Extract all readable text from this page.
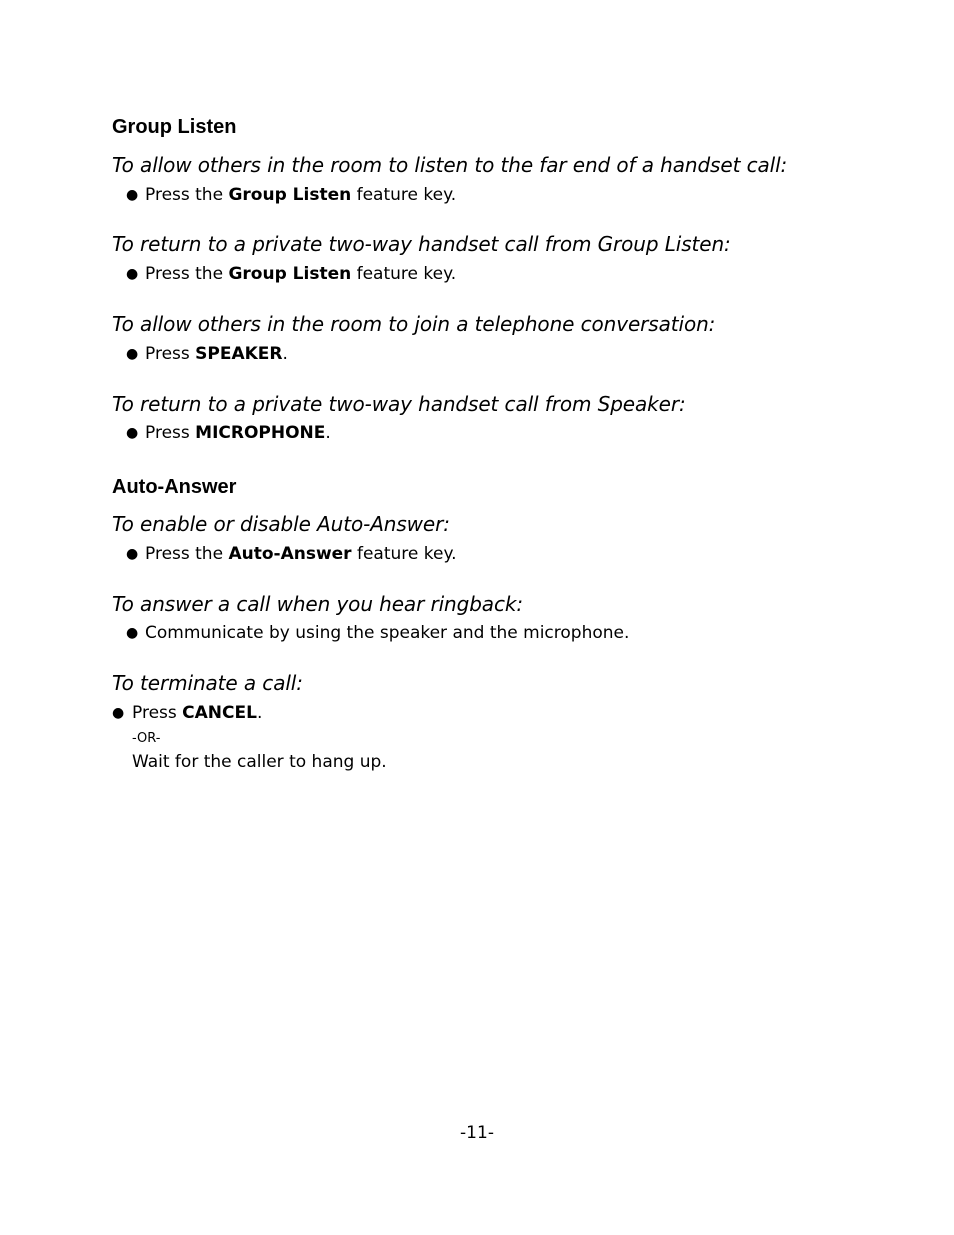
Group Listen
To allow others in the room to listen to the far end of a handset call:
● Press the Group Listen feature key.
To return to a private two-way handset call from Group Listen:
● Press the Group Listen feature key.
To allow others in the room to join a telephone conversation:
● Press SPEAKER.
To return to a private two-way handset call from Speaker:
● Press MICROPHONE.
Auto-Answer
To enable or disable Auto-Answer:
● Press the Auto-Answer feature key.
To answer a call when you hear ringback:
● Communicate by using the speaker and the microphone.
To terminate a call:
● Press CANCEL.
-OR-
Wait for the caller to hang up.
-11-
